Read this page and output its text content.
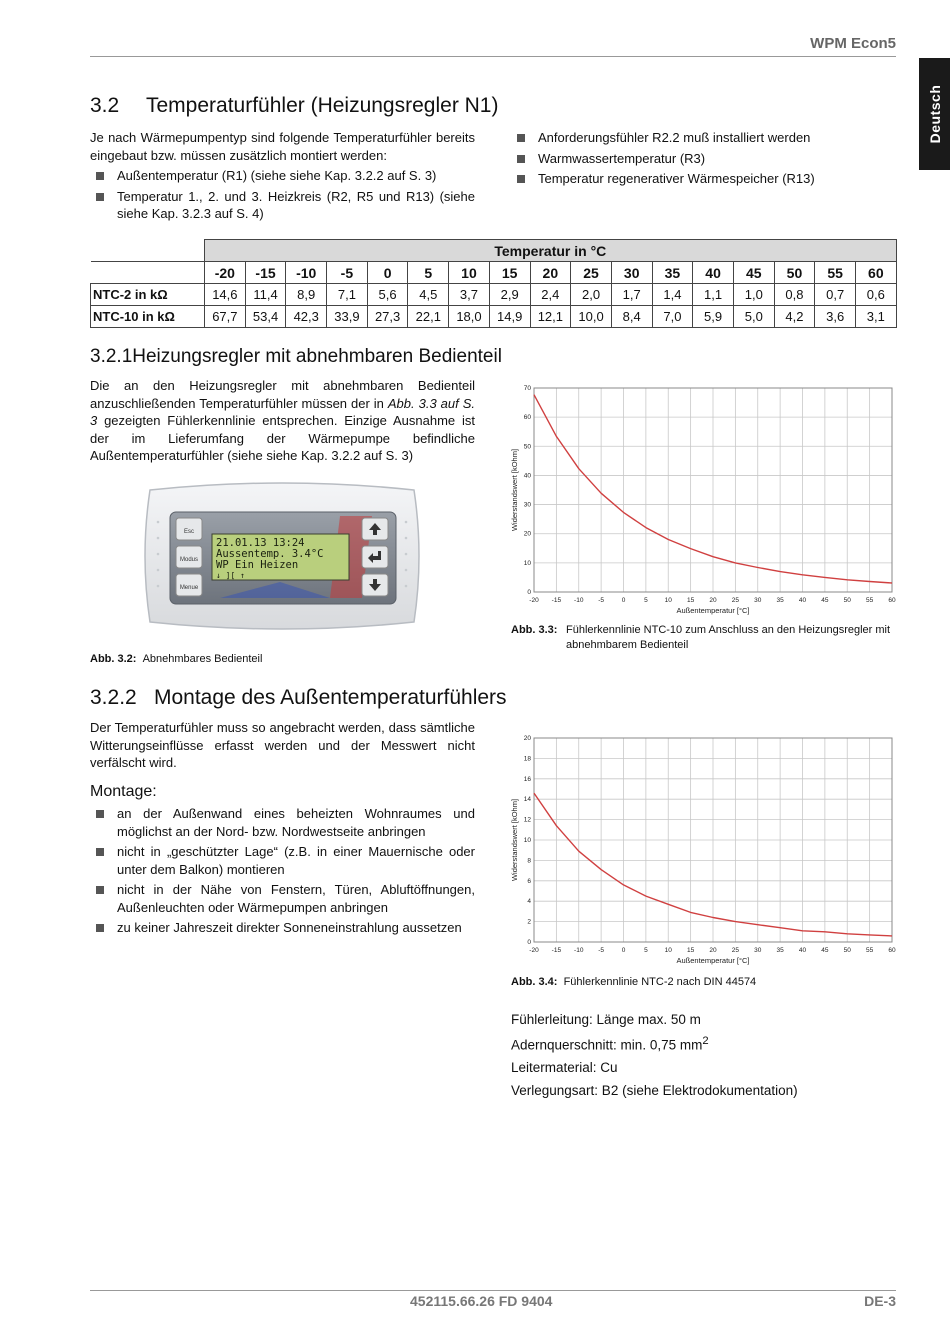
WPM Econ5
Deutsch
3.2 Temperaturfühler (Heizungsregler N1)
Je nach Wärmepumpentyp sind folgende Temperaturfühler bereits eingebaut bzw. müssen zusätzlich montiert werden:
Außentemperatur (R1) (siehe siehe Kap. 3.2.2 auf S. 3)
Temperatur 1., 2. und 3. Heizkreis (R2, R5 und R13) (siehe siehe Kap. 3.2.3 auf S. 4)
Anforderungsfühler R2.2 muß installiert werden
Warmwassertemperatur (R3)
Temperatur regenerativer Wärmespeicher (R13)
	Temperatur in °C																
	-20	-15	-10	-5	0	5	10	15	20	25	30	35	40	45	50	55	60
NTC-2 in kΩ	14,6	11,4	8,9	7,1	5,6	4,5	3,7	2,9	2,4	2,0	1,7	1,4	1,1	1,0	0,8	0,7	0,6
NTC-10 in kΩ	67,7	53,4	42,3	33,9	27,3	22,1	18,0	14,9	12,1	10,0	8,4	7,0	5,9	5,0	4,2	3,6	3,1
3.2.1Heizungsregler mit abnehmbaren Bedienteil
Die an den Heizungsregler mit abnehmbaren Bedienteil anzuschließenden Temperaturfühler müssen der in Abb. 3.3 auf S. 3 gezeigten Fühlerkennlinie entsprechen. Einzige Ausnahme ist der im Lieferumfang der Wärmepumpe befindliche Außentemperaturfühler (siehe siehe Kap. 3.2.2 auf S. 3)
21.01.13 13:24
Aussentemp. 3.4°C
WP Ein Heizen
↓ ][ ↑
Esc
Modus
Menue
Abb. 3.2: Abnehmbares Bedienteil
-20 -15 -10 -5	0	5	10 15 20 25 30 35 40 45 50 55 60
0
10
20
30
40
50
60
70
Außentemperatur [°C]
Widerstandswert [kOhm]
Abb. 3.3: Fühlerkennlinie NTC-10 zum Anschluss an den Heizungsregler mit abnehmbarem Bedienteil
3.2.2 Montage des Außentemperaturfühlers
Der Temperaturfühler muss so angebracht werden, dass sämtliche Witterungseinflüsse erfasst werden und der Messwert nicht verfälscht wird.
Montage:
an der Außenwand eines beheizten Wohnraumes und möglichst an der Nord- bzw. Nordwestseite anbringen
nicht in „geschützter Lage“ (z.B. in einer Mauernische oder unter dem Balkon) montieren
nicht in der Nähe von Fenstern, Türen, Abluftöffnungen, Außenleuchten oder Wärmepumpen anbringen
zu keiner Jahreszeit direkter Sonneneinstrahlung aussetzen
-20 -15 -10 -5	0	5	10 15 20 25 30 35 40 45 50 55 60
0
2
4
6
8
10
12
14
16
18
20
Außentemperatur [°C]
Widerstandswert [kOhm]
Abb. 3.4: Fühlerkennlinie NTC-2 nach DIN 44574
Fühlerleitung: Länge max. 50 m
Adernquerschnitt: min. 0,75 $mm^2$
Leitermaterial: Cu
Verlegungsart: B2 (siehe Elektrodokumentation)
452115.66.26 FD 9404	DE-3
